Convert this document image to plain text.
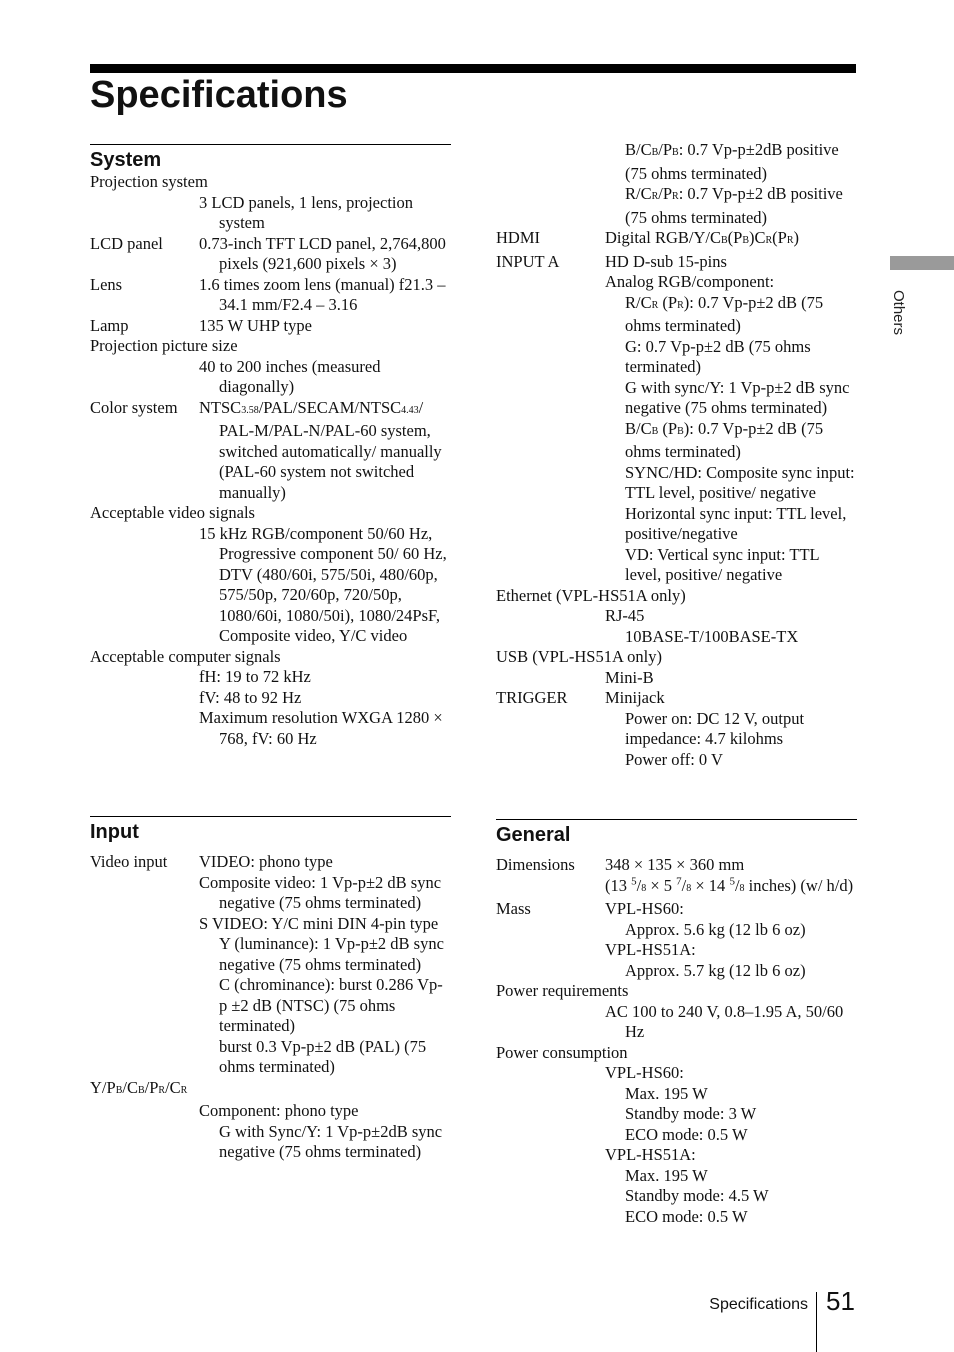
Specifications
System
Projection system
3 LCD panels, 1 lens, projection system
LCD panel	0.73-inch TFT LCD panel, 2,764,800 pixels (921,600 pixels × 3)
Lens	1.6 times zoom lens (manual) f21.3 – 34.1 mm/F2.4 – 3.16
Lamp	135 W UHP type
Projection picture size
40 to 200 inches (measured diagonally)
Color system	NTSC3.58/PAL/SECAM/NTSC4.43/ PAL-M/PAL-N/PAL-60 system, switched automatically/ manually (PAL-60 system not switched manually)
Acceptable video signals
15 kHz RGB/component 50/60 Hz, Progressive component 50/ 60 Hz, DTV (480/60i, 575/50i, 480/60p, 575/50p, 720/60p, 720/50p, 1080/60i, 1080/50i), 1080/24PsF, Composite video, Y/C video
Acceptable computer signals
fH: 19 to 72 kHz
fV: 48 to 92 Hz
Maximum resolution WXGA 1280 × 768, fV: 60 Hz
Input
Video input	VIDEO: phono type
Composite video: 1 Vp-p±2 dB sync negative (75 ohms terminated)
S VIDEO: Y/C mini DIN 4-pin type
Y (luminance): 1 Vp-p±2 dB sync negative (75 ohms terminated)
C (chrominance): burst 0.286 Vp-p ±2 dB (NTSC) (75 ohms terminated)
burst 0.3 Vp-p±2 dB (PAL) (75 ohms terminated)
Y/PB/CB/PR/CR
Component: phono type
G with Sync/Y: 1 Vp-p±2dB sync negative (75 ohms terminated)
B/CB/PB: 0.7 Vp-p±2dB positive (75 ohms terminated)
R/CR/PR: 0.7 Vp-p±2 dB positive (75 ohms terminated)
HDMI	Digital RGB/Y/CB(PB)CR(PR)
INPUT A	HD D-sub 15-pins
Analog RGB/component:
R/CR (PR): 0.7 Vp-p±2 dB (75 ohms terminated)
G: 0.7 Vp-p±2 dB (75 ohms terminated)
G with sync/Y: 1 Vp-p±2 dB sync negative (75 ohms terminated)
B/CB (PB): 0.7 Vp-p±2 dB (75 ohms terminated)
SYNC/HD: Composite sync input: TTL level, positive/ negative
Horizontal sync input: TTL level, positive/negative
VD: Vertical sync input: TTL level, positive/ negative
Ethernet (VPL-HS51A only)
RJ-45
10BASE-T/100BASE-TX
USB (VPL-HS51A only)
Mini-B
TRIGGER	Minijack
Power on: DC 12 V, output impedance: 4.7 kilohms
Power off: 0 V
General
Dimensions	348 × 135 × 360 mm
(13 $^5$/8 × 5 $^7$/8 × 14 $^5$/8 inches) (w/ h/d)
Mass	VPL-HS60:
Approx. 5.6 kg (12 lb 6 oz)
VPL-HS51A:
Approx. 5.7 kg (12 lb 6 oz)
Power requirements
AC 100 to 240 V, 0.8–1.95 A, 50/60 Hz
Power consumption
VPL-HS60:
Max. 195 W
Standby mode: 3 W
ECO mode: 0.5 W
VPL-HS51A:
Max. 195 W
Standby mode: 4.5 W
ECO mode: 0.5 W
Others
Specifications 51
